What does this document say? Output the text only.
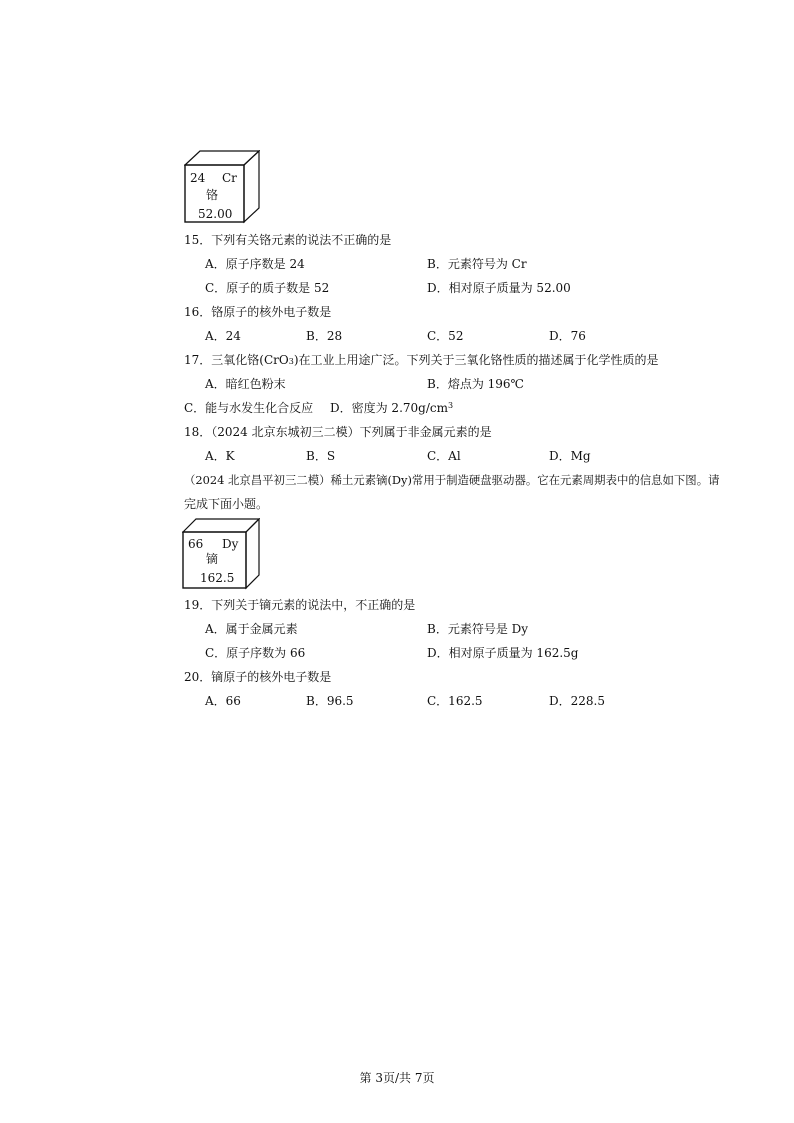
24 Cr
铬
52.00
15．下列有关铬元素的说法不正确的是
A．原子序数是 24	B．元素符号为 Cr
C．原子的质子数是 52	D．相对原子质量为 52.00
16．铬原子的核外电子数是
A．24	B．28	C．52	D．76
17．三氧化铬(CrO3)在工业上用途广泛。下列关于三氧化铬性质的描述属于化学性质的是
A．暗红色粉末	B．熔点为 196℃
C．能与水发生化合反应 D．密度为 $2.70g/cm^3$
18．（2024 北京东城初三二模）下列属于非金属元素的是
A．K	B．S	C．Al	D．Mg
（2024 北京昌平初三二模）稀土元素镝(Dy)常用于制造硬盘驱动器。它在元素周期表中的信息如下图。请
完成下面小题。
66 Dy
镝
162.5
19．下列关于镝元素的说法中，不正确的是
A．属于金属元素	B．元素符号是 Dy
C．原子序数为 66	D．相对原子质量为 162.5g
20．镝原子的核外电子数是
A．66	B．96.5	C．162.5	D．228.5
第 3页/共 7页
